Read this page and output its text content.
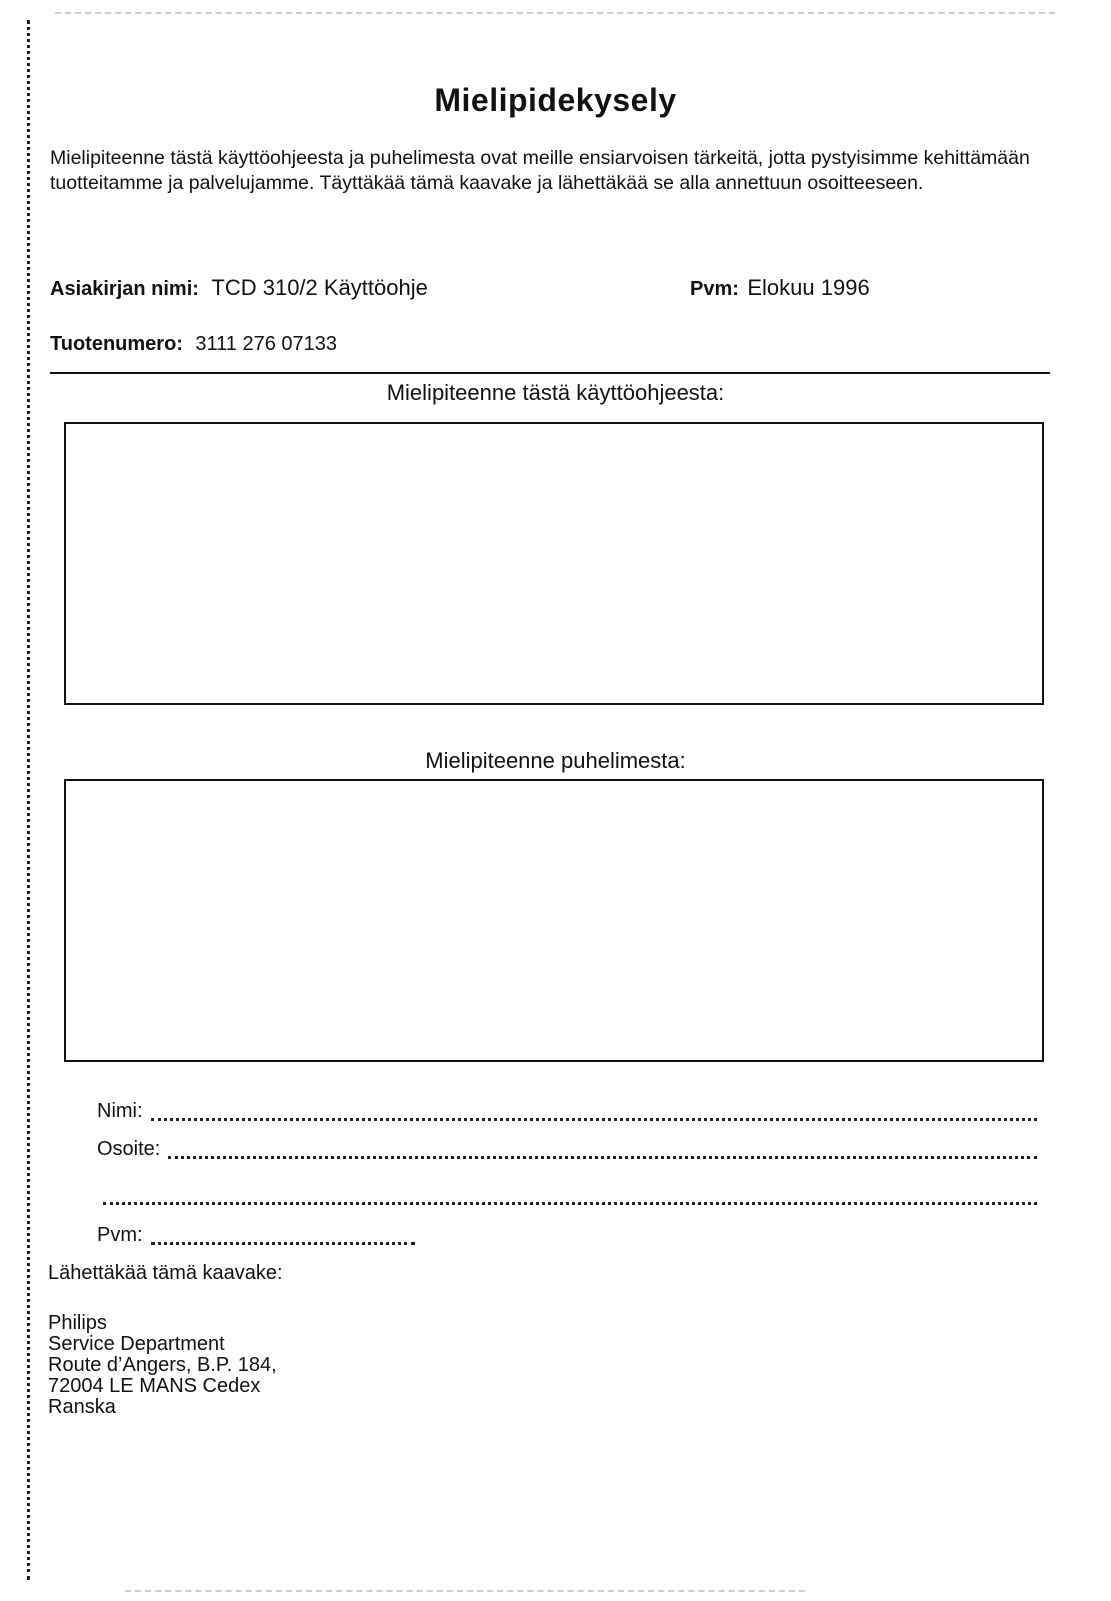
Mielipidekysely
Mielipiteenne tästä käyttöohjeesta ja puhelimesta ovat meille ensiarvoisen tärkeitä, jotta pystyisimme kehittämään tuotteitamme ja palvelujamme. Täyttäkää tämä kaavake ja lähettäkää se alla annettuun osoitteeseen.
Asiakirjan nimi: TCD 310/2 Käyttöohje	Pvm: Elokuu 1996
Tuotenumero: 3111 276 07133
Mielipiteenne tästä käyttöohjeesta:
Mielipiteenne puhelimesta:
Nimi:
Osoite:
Pvm:
Lähettäkää tämä kaavake:
Philips
Service Department
Route d’Angers, B.P. 184,
72004 LE MANS Cedex
Ranska
